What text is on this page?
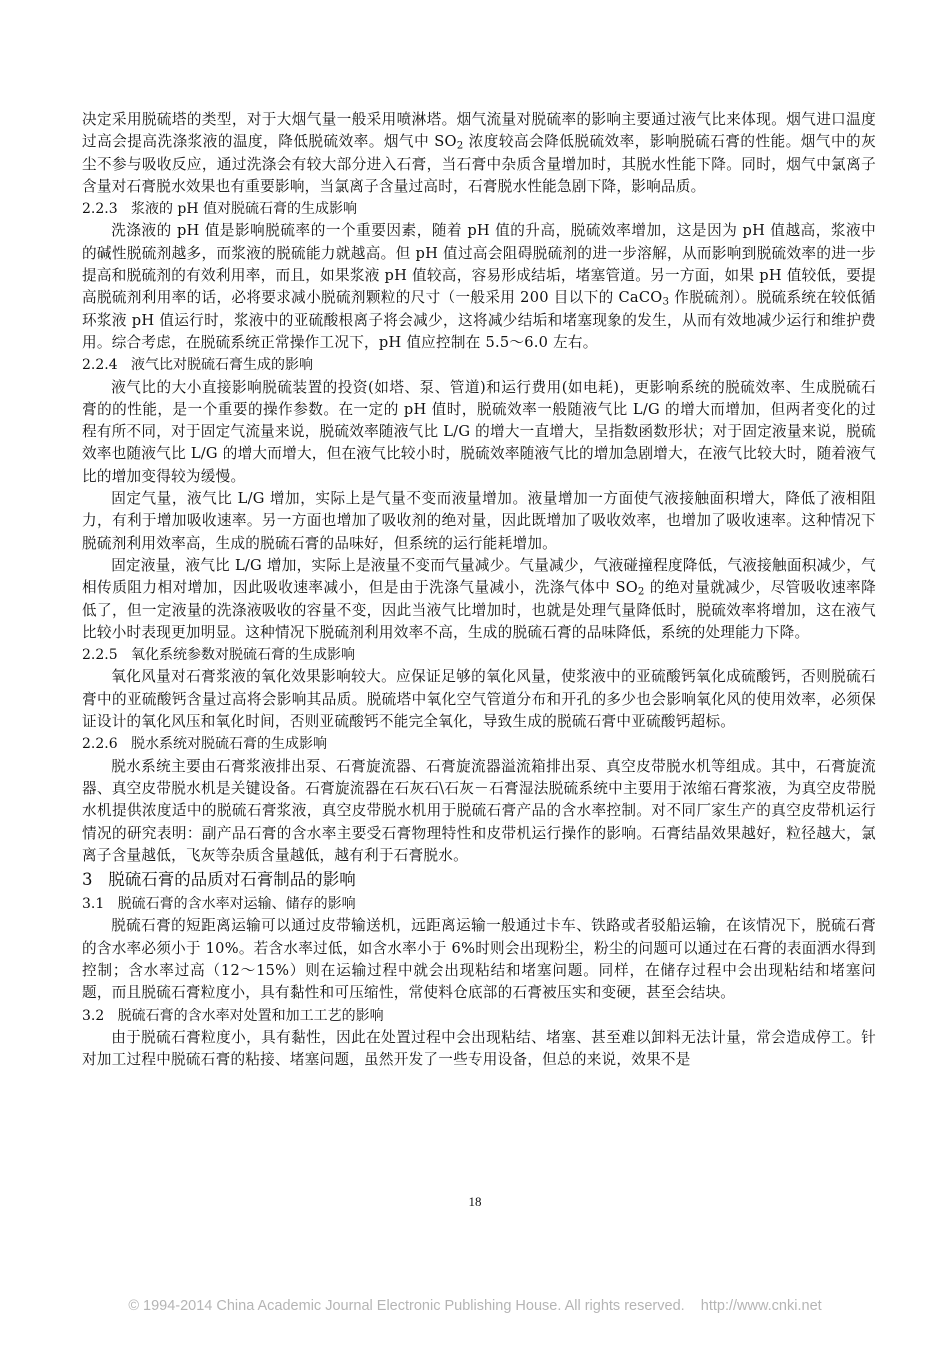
决定采用脱硫塔的类型，对于大烟气量一般采用喷淋塔。烟气流量对脱硫率的影响主要通过液气比来体现。烟气进口温度过高会提高洗涤浆液的温度，降低脱硫效率。烟气中 $SO_2$ 浓度较高会降低脱硫效率，影响脱硫石膏的性能。烟气中的灰尘不参与吸收反应，通过洗涤会有较大部分进入石膏，当石膏中杂质含量增加时，其脱水性能下降。同时，烟气中氯离子含量对石膏脱水效果也有重要影响，当氯离子含量过高时，石膏脱水性能急剧下降，影响品质。

2.2.3   浆液的 pH 值对脱硫石膏的生成影响

洗涤液的 pH 值是影响脱硫率的一个重要因素，随着 pH 值的升高，脱硫效率增加，这是因为 pH 值越高，浆液中的碱性脱硫剂越多，而浆液的脱硫能力就越高。但 pH 值过高会阻碍脱硫剂的进一步溶解，从而影响到脱硫效率的进一步提高和脱硫剂的有效利用率，而且，如果浆液 pH 值较高，容易形成结垢，堵塞管道。另一方面，如果 pH 值较低，要提高脱硫剂利用率的话，必将要求减小脱硫剂颗粒的尺寸（一般采用 200 目以下的 CaCO$_3$ 作脱硫剂）。脱硫系统在较低循环浆液 pH 值运行时，浆液中的亚硫酸根离子将会减少，这将减少结垢和堵塞现象的发生，从而有效地减少运行和维护费用。综合考虑，在脱硫系统正常操作工况下，pH 值应控制在 5.5～6.0 左右。

2.2.4   液气比对脱硫石膏生成的影响

液气比的大小直接影响脱硫装置的投资(如塔、泵、管道)和运行费用(如电耗)，更影响系统的脱硫效率、生成脱硫石膏的的性能，是一个重要的操作参数。在一定的 pH 值时，脱硫效率一般随液气比 L/G 的增大而增加，但两者变化的过程有所不同，对于固定气流量来说，脱硫效率随液气比 L/G 的增大一直增大，呈指数函数形状；对于固定液量来说，脱硫效率也随液气比 L/G 的增大而增大，但在液气比较小时，脱硫效率随液气比的增加急剧增大，在液气比较大时，随着液气比的增加变得较为缓慢。

固定气量，液气比 L/G 增加，实际上是气量不变而液量增加。液量增加一方面使气液接触面积增大，降低了液相阻力，有利于增加吸收速率。另一方面也增加了吸收剂的绝对量，因此既增加了吸收效率，也增加了吸收速率。这种情况下脱硫剂利用效率高，生成的脱硫石膏的品味好，但系统的运行能耗增加。

固定液量，液气比 L/G 增加，实际上是液量不变而气量减少。气量减少，气液碰撞程度降低，气液接触面积减少，气相传质阻力相对增加，因此吸收速率减小，但是由于洗涤气量减小，洗涤气体中 $SO_2$ 的绝对量就减少，尽管吸收速率降低了，但一定液量的洗涤液吸收的容量不变，因此当液气比增加时，也就是处理气量降低时，脱硫效率将增加，这在液气比较小时表现更加明显。这种情况下脱硫剂利用效率不高，生成的脱硫石膏的品味降低，系统的处理能力下降。

2.2.5   氧化系统参数对脱硫石膏的生成影响

氧化风量对石膏浆液的氧化效果影响较大。应保证足够的氧化风量，使浆液中的亚硫酸钙氧化成硫酸钙，否则脱硫石膏中的亚硫酸钙含量过高将会影响其品质。脱硫塔中氧化空气管道分布和开孔的多少也会影响氧化风的使用效率，必须保证设计的氧化风压和氧化时间，否则亚硫酸钙不能完全氧化，导致生成的脱硫石膏中亚硫酸钙超标。

2.2.6   脱水系统对脱硫石膏的生成影响

脱水系统主要由石膏浆液排出泵、石膏旋流器、石膏旋流器溢流箱排出泵、真空皮带脱水机等组成。其中，石膏旋流器、真空皮带脱水机是关键设备。石膏旋流器在石灰石\石灰－石膏湿法脱硫系统中主要用于浓缩石膏浆液，为真空皮带脱水机提供浓度适中的脱硫石膏浆液，真空皮带脱水机用于脱硫石膏产品的含水率控制。对不同厂家生产的真空皮带机运行情况的研究表明：副产品石膏的含水率主要受石膏物理特性和皮带机运行操作的影响。石膏结晶效果越好，粒径越大，氯离子含量越低，飞灰等杂质含量越低，越有利于石膏脱水。

3   脱硫石膏的品质对石膏制品的影响

3.1   脱硫石膏的含水率对运输、储存的影响

脱硫石膏的短距离运输可以通过皮带输送机，远距离运输一般通过卡车、铁路或者驳船运输，在该情况下，脱硫石膏的含水率必须小于 10%。若含水率过低，如含水率小于 6%时则会出现粉尘，粉尘的问题可以通过在石膏的表面洒水得到控制；含水率过高（12～15%）则在运输过程中就会出现粘结和堵塞问题。同样，在储存过程中会出现粘结和堵塞问题，而且脱硫石膏粒度小，具有黏性和可压缩性，常使料仓底部的石膏被压实和变硬，甚至会结块。

3.2   脱硫石膏的含水率对处置和加工工艺的影响

由于脱硫石膏粒度小，具有黏性，因此在处置过程中会出现粘结、堵塞、甚至难以卸料无法计量，常会造成停工。针对加工过程中脱硫石膏的粘接、堵塞问题，虽然开发了一些专用设备，但总的来说，效果不是

18
© 1994-2014 China Academic Journal Electronic Publishing House. All rights reserved.    http://www.cnki.net
